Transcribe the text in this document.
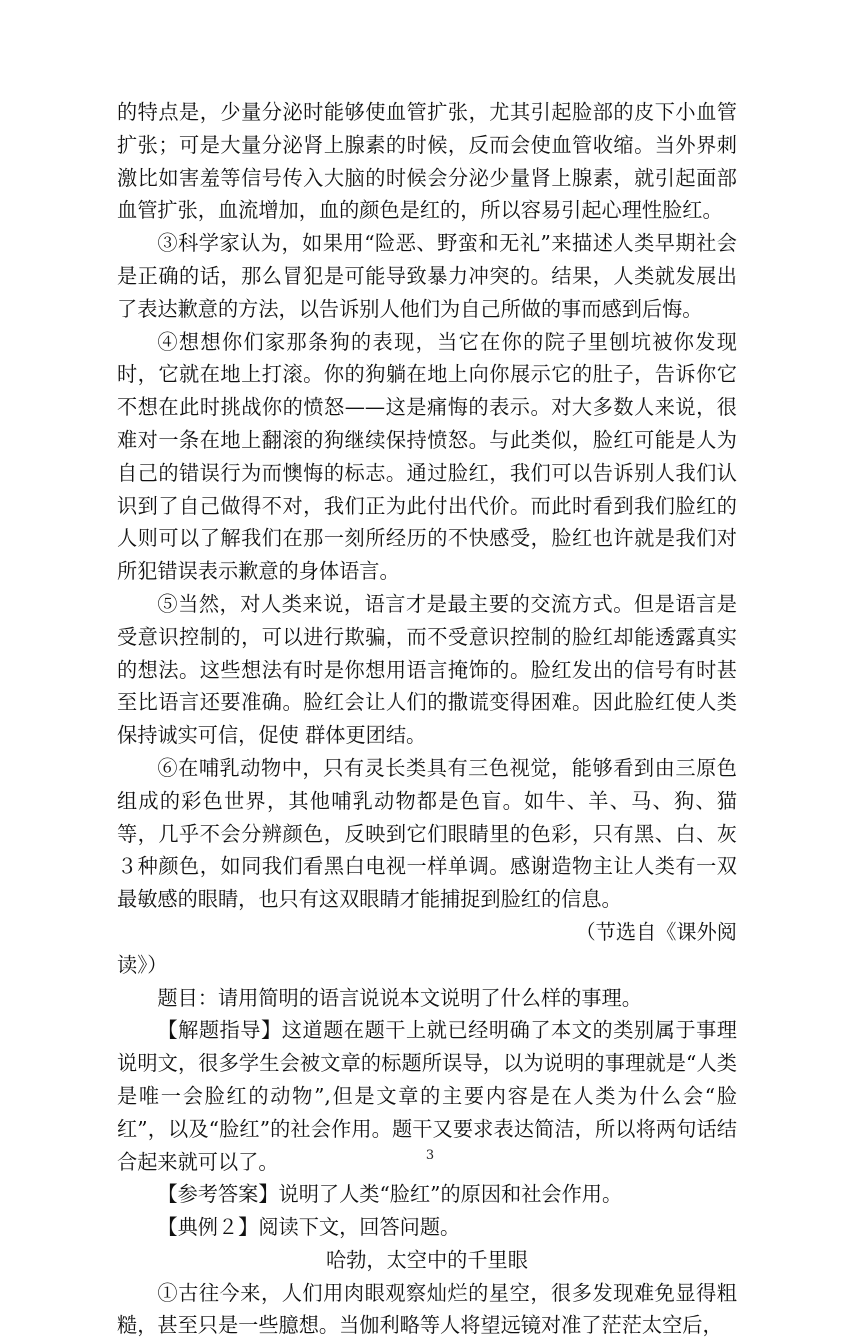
的特点是，少量分泌时能够使血管扩张，尤其引起脸部的皮下小血管扩张；可是大量分泌肾上腺素的时候，反而会使血管收缩。当外界刺激比如害羞等信号传入大脑的时候会分泌少量肾上腺素，就引起面部血管扩张，血流增加，血的颜色是红的，所以容易引起心理性脸红。

③科学家认为，如果用“险恶、野蛮和无礼”来描述人类早期社会是正确的话，那么冒犯是可能导致暴力冲突的。结果，人类就发展出了表达歉意的方法，以告诉别人他们为自己所做的事而感到后悔。

④想想你们家那条狗的表现，当它在你的院子里刨坑被你发现时，它就在地上打滚。你的狗躺在地上向你展示它的肚子，告诉你它不想在此时挑战你的愤怒——这是痛悔的表示。对大多数人来说，很难对一条在地上翻滚的狗继续保持愤怒。与此类似，脸红可能是人为自己的错误行为而懊悔的标志。通过脸红，我们可以告诉别人我们认识到了自己做得不对，我们正为此付出代价。而此时看到我们脸红的人则可以了解我们在那一刻所经历的不快感受，脸红也许就是我们对所犯错误表示歉意的身体语言。

⑤当然，对人类来说，语言才是最主要的交流方式。但是语言是受意识控制的，可以进行欺骗，而不受意识控制的脸红却能透露真实的想法。这些想法有时是你想用语言掩饰的。脸红发出的信号有时甚至比语言还要准确。脸红会让人们的撒谎变得困难。因此脸红使人类保持诚实可信，促使 群体更团结。

⑥在哺乳动物中，只有灵长类具有三色视觉，能够看到由三原色组成的彩色世界，其他哺乳动物都是色盲。如牛、羊、马、狗、猫等，几乎不会分辨颜色，反映到它们眼睛里的色彩，只有黑、白、灰３种颜色，如同我们看黑白电视一样单调。感谢造物主让人类有一双最敏感的眼睛，也只有这双眼睛才能捕捉到脸红的信息。

（节选自《课外阅

读》）

题目：请用简明的语言说说本文说明了什么样的事理。

【解题指导】这道题在题干上就已经明确了本文的类别属于事理说明文，很多学生会被文章的标题所误导，以为说明的事理就是“人类是唯一会脸红的动物”,但是文章的主要内容是在人类为什么会“脸红”，以及“脸红”的社会作用。题干又要求表达简洁，所以将两句话结合起来就可以了。

【参考答案】说明了人类“脸红”的原因和社会作用。

【典例２】阅读下文，回答问题。

哈勃，太空中的千里眼

①古往今来，人们用肉眼观察灿烂的星空，很多发现难免显得粗糙，甚至只是一些臆想。当伽利略等人将望远镜对准了茫茫太空后，

3
